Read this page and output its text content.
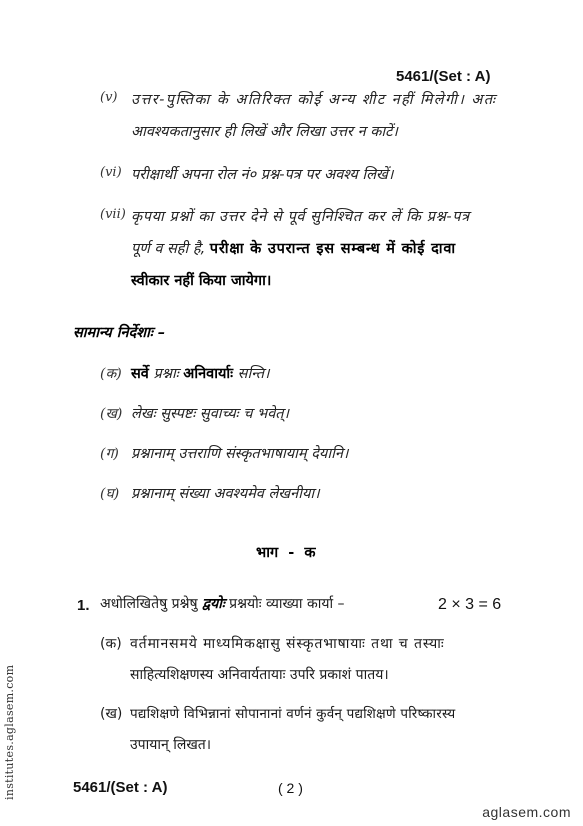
5461/(Set : A)
(v) उत्तर-पुस्तिका के अतिरिक्त कोई अन्य शीट नहीं मिलेगी। अतः
आवश्यकतानुसार ही लिखें और लिखा उत्तर न काटें।
(vi) परीक्षार्थी अपना रोल नं० प्रश्न-पत्र पर अवश्य लिखें।
(vii) कृपया प्रश्नों का उत्तर देने से पूर्व सुनिश्चित कर लें कि प्रश्न-पत्र
पूर्ण व सही है, परीक्षा के उपरान्त इस सम्बन्ध में कोई दावा
स्वीकार नहीं किया जायेगा।
सामान्य निर्देशाः –
(क) सर्वे प्रश्नाः अनिवार्याः सन्ति।
(ख) लेखः सुस्पष्टः सुवाच्यः च भवेत्।
(ग) प्रश्नानाम् उत्तराणि संस्कृतभाषायाम् देयानि।
(घ) प्रश्नानाम् संख्या अवश्यमेव लेखनीया।
भाग  -  क
1. अधोलिखितेषु प्रश्नेषु द्वयोः प्रश्नयोः व्याख्या कार्या –	2 × 3 = 6
(क) वर्तमानसमये माध्यमिकक्षासु संस्कृतभाषायाः तथा च तस्याः
साहित्यशिक्षणस्य अनिवार्यतायाः उपरि प्रकाशं पातय।
(ख) पद्यशिक्षणे विभिन्नानां सोपानानां वर्णनं कुर्वन् पद्यशिक्षणे परिष्कारस्य
उपायान् लिखत।
5461/(Set : A)	( 2 )
institutes.aglasem.com
aglasem.com
